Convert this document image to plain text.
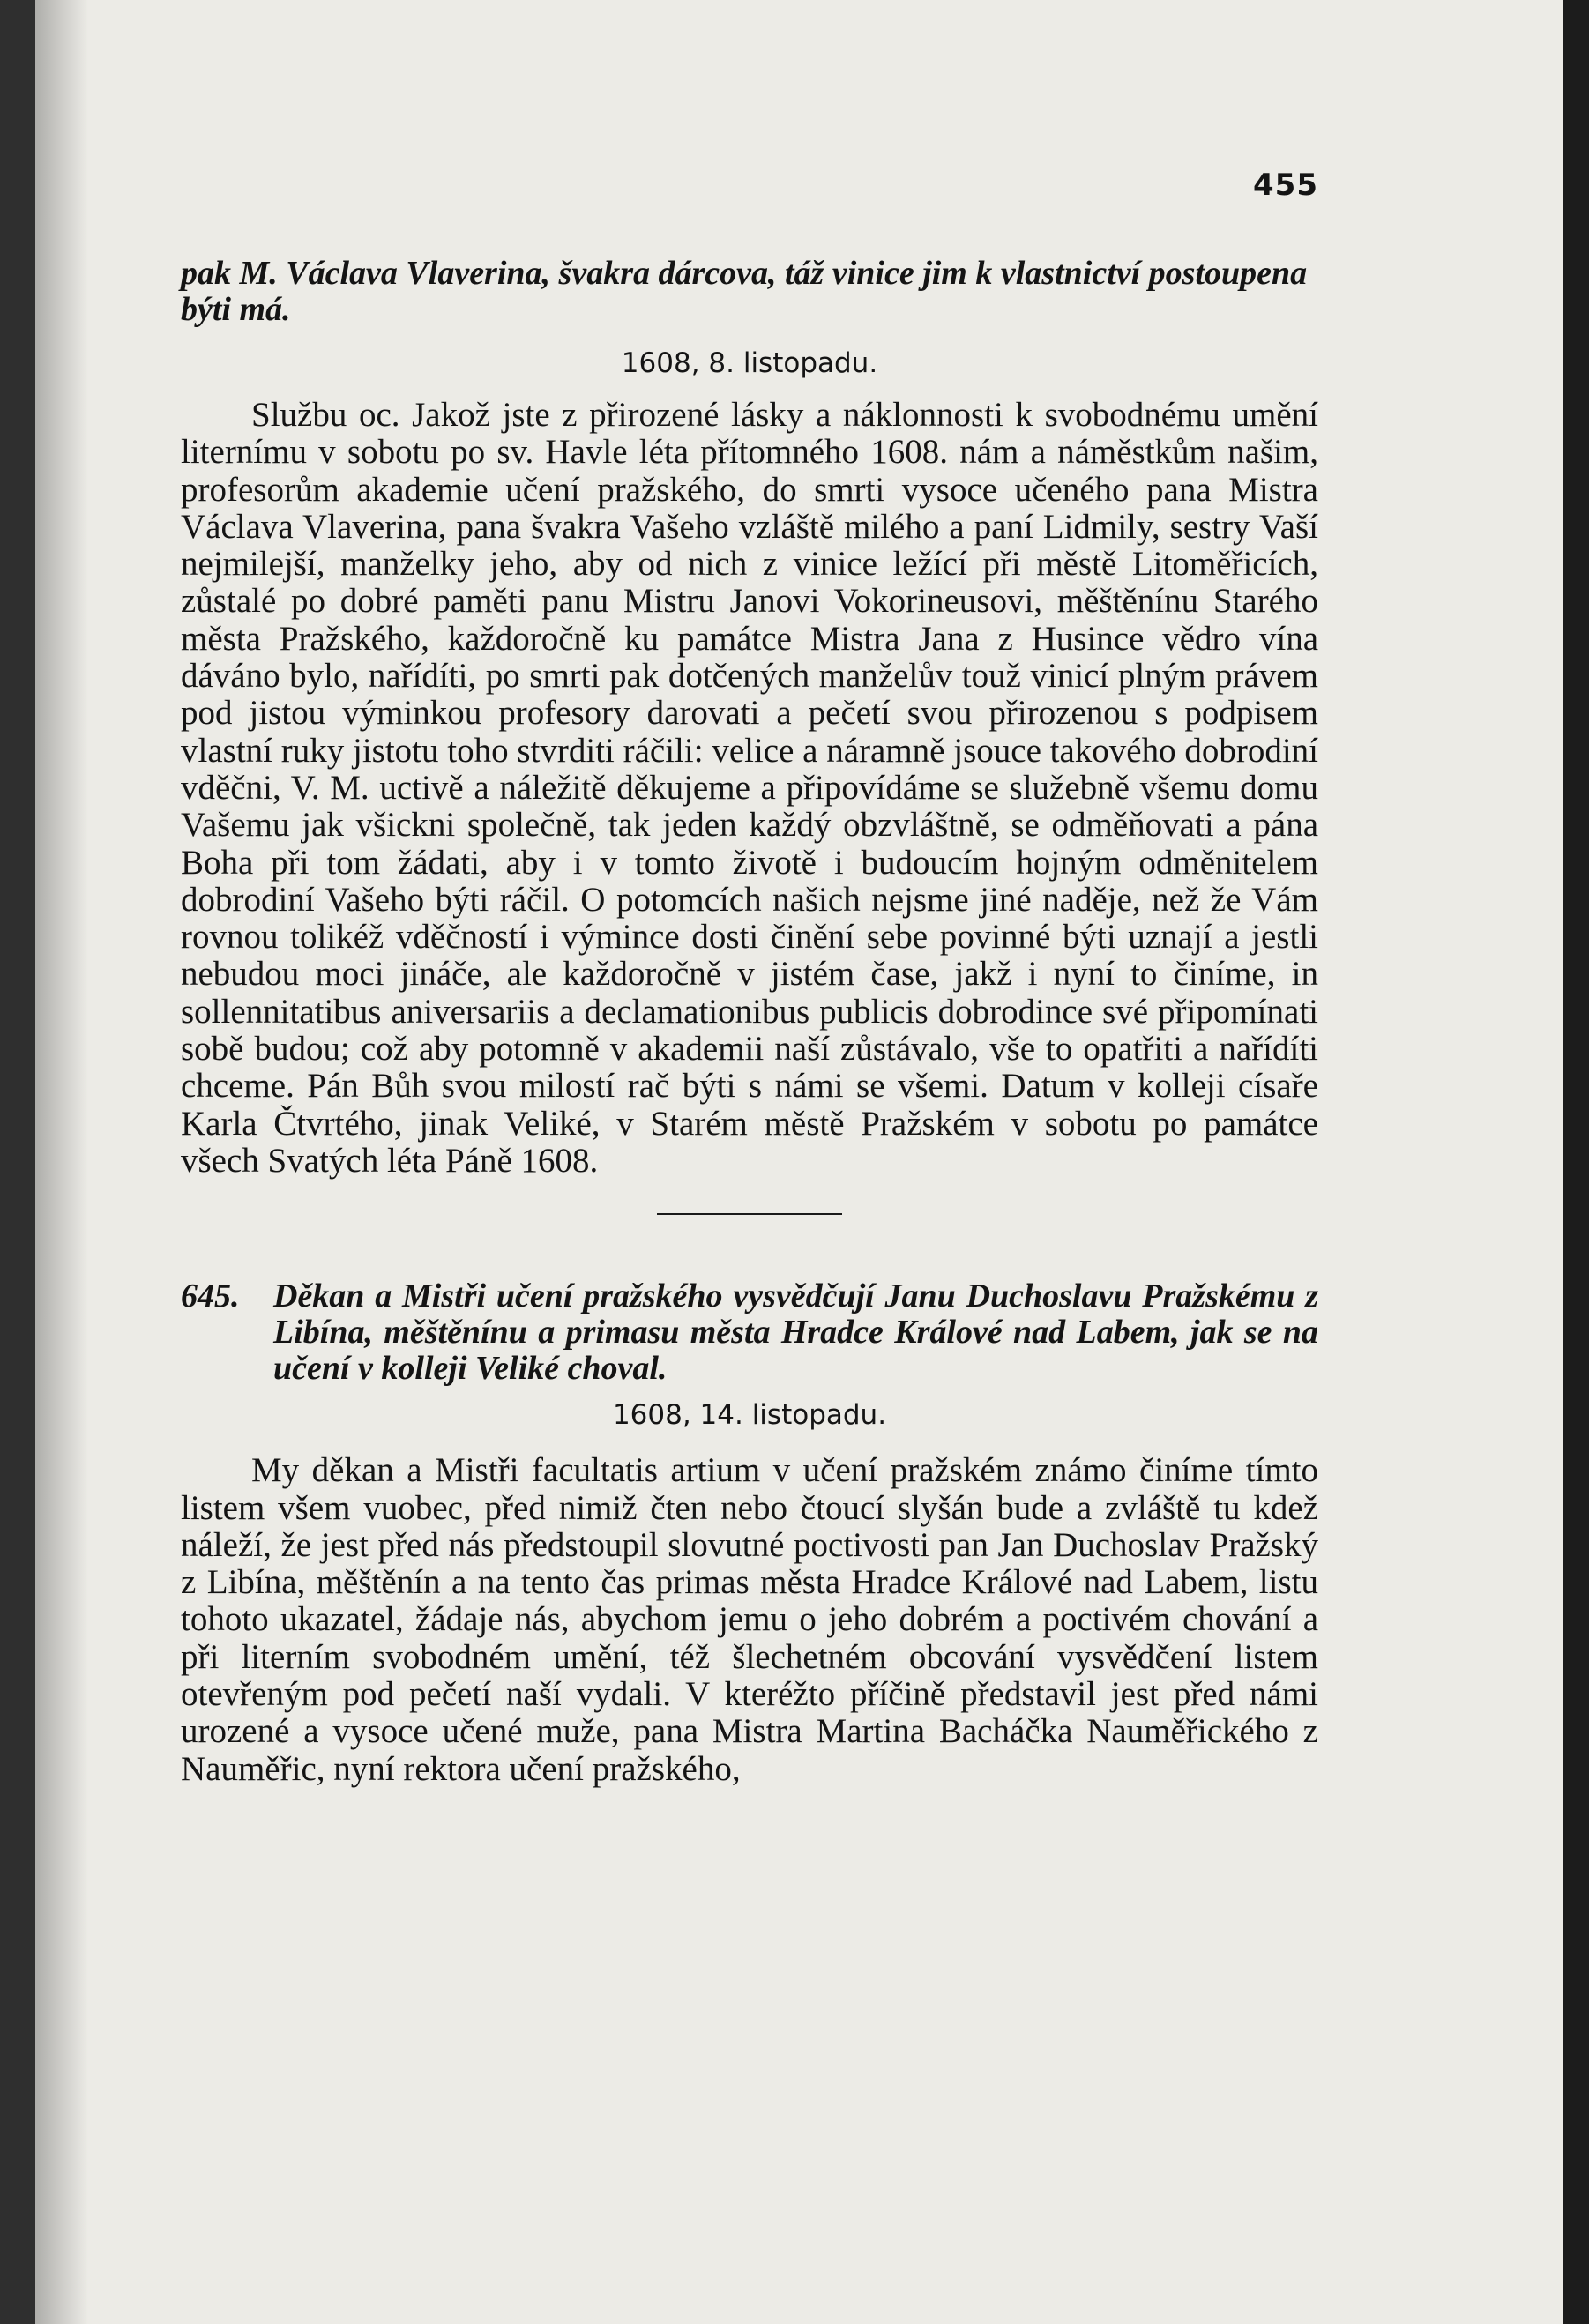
455

pak M. Václava Vlaverina, švakra dárcova, táž vinice jim k vlastnictví postoupena býti má.

1608, 8. listopadu.

Službu oc. Jakož jste z přirozené lásky a náklonnosti k svobodnému umění liternímu v sobotu po sv. Havle léta přítomného 1608. nám a náměstkům našim, profesorům akademie učení pražského, do smrti vysoce učeného pana Mistra Václava Vlaverina, pana švakra Vašeho vzláště milého a paní Lidmily, sestry Vaší nejmilejší, manželky jeho, aby od nich z vinice ležící při městě Litoměřicích, zůstalé po dobré paměti panu Mistru Janovi Vokorineusovi, měštěnínu Starého města Pražského, každoročně ku památce Mistra Jana z Husince vědro vína dáváno bylo, nařídíti, po smrti pak dotčených manželův touž vinicí plným právem pod jistou výminkou profesory darovati a pečetí svou přirozenou s podpisem vlastní ruky jistotu toho stvrditi ráčili: velice a náramně jsouce takového dobrodiní vděčni, V. M. uctivě a náležitě děkujeme a připovídáme se služebně všemu domu Vašemu jak všickni společně, tak jeden každý obzvláštně, se odměňovati a pána Boha při tom žádati, aby i v tomto životě i budoucím hojným odměnitelem dobrodiní Vašeho býti ráčil. O potomcích našich nejsme jiné naděje, než že Vám rovnou tolikéž vděčností i výmince dosti činění sebe povinné býti uznají a jestli nebudou moci jináče, ale každoročně v jistém čase, jakž i nyní to činíme, in sollennitatibus aniversariis a declamationibus publicis dobrodince své připomínati sobě budou; což aby potomně v akademii naší zůstávalo, vše to opatřiti a nařídíti chceme. Pán Bůh svou milostí rač býti s námi se všemi. Datum v kolleji císaře Karla Čtvrtého, jinak Veliké, v Starém městě Pražském v sobotu po památce všech Svatých léta Páně 1608.

645.	Děkan a Mistři učení pražského vysvědčují Janu Duchoslavu Pražskému z Libína, měštěnínu a primasu města Hradce Králové nad Labem, jak se na učení v kolleji Veliké choval.

1608, 14. listopadu.

My děkan a Mistři facultatis artium v učení pražském známo činíme tímto listem všem vuobec, před nimiž čten nebo čtoucí slyšán bude a zvláště tu kdež náleží, že jest před nás předstoupil slovutné poctivosti pan Jan Duchoslav Pražský z Libína, měštěnín a na tento čas primas města Hradce Králové nad Labem, listu tohoto ukazatel, žádaje nás, abychom jemu o jeho dobrém a poctivém chování a při literním svobodném umění, též šlechetném obcování vysvědčení listem otevřeným pod pečetí naší vydali. V kteréžto příčině představil jest před námi urozené a vysoce učené muže, pana Mistra Martina Bacháčka Nauměřického z Nauměřic, nyní rektora učení pražského,
